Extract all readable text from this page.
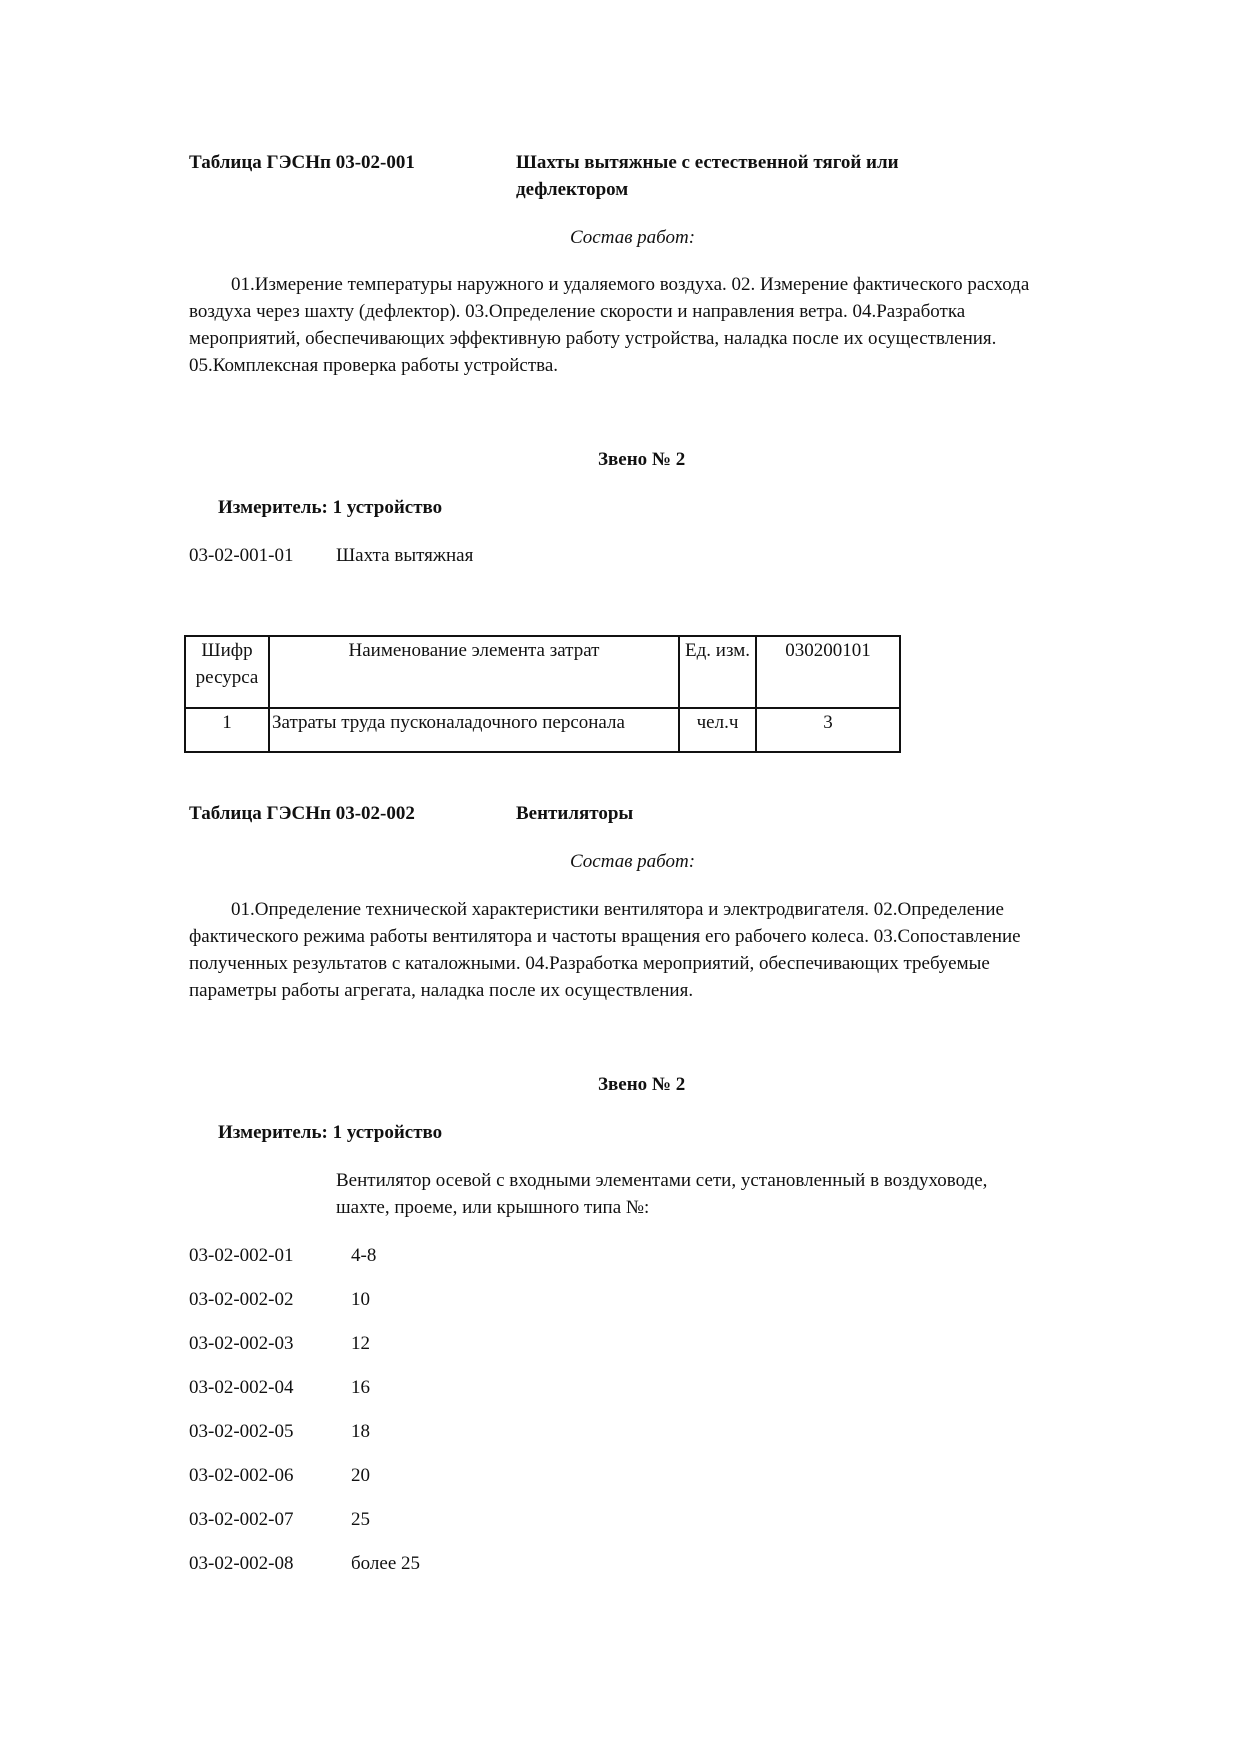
Таблица ГЭСНп 03-02-001	Шахты вытяжные с естественной тягой или
дефлектором
Состав работ:
01.Измерение температуры наружного и удаляемого воздуха. 02. Измерение фактического расхода воздуха через шахту (дефлектор). 03.Определение скорости и направления ветра. 04.Разработка мероприятий, обеспечивающих эффективную работу устройства, наладка после их осуществления. 05.Комплексная проверка работы устройства.
Звено № 2
Измеритель: 1 устройство
03-02-001-01 Шахта вытяжная
Шифр ресурса	Наименование элемента затрат	Ед. изм.	030200101
1	Затраты труда пусконаладочного персонала	чел.ч	3
Таблица ГЭСНп 03-02-002	Вентиляторы
Состав работ:
01.Определение технической характеристики вентилятора и электродвигателя. 02.Определение фактического режима работы вентилятора и частоты вращения его рабочего колеса. 03.Сопоставление полученных результатов с каталожными. 04.Разработка мероприятий, обеспечивающих требуемые параметры работы агрегата, наладка после их осуществления.
Звено № 2
Измеритель: 1 устройство
Вентилятор осевой с входными элементами сети, установленный в воздуховоде,
шахте, проеме, или крышного типа №:
03-02-002-01	4-8
03-02-002-02	10
03-02-002-03	12
03-02-002-04	16
03-02-002-05	18
03-02-002-06	20
03-02-002-07	25
03-02-002-08	более 25
